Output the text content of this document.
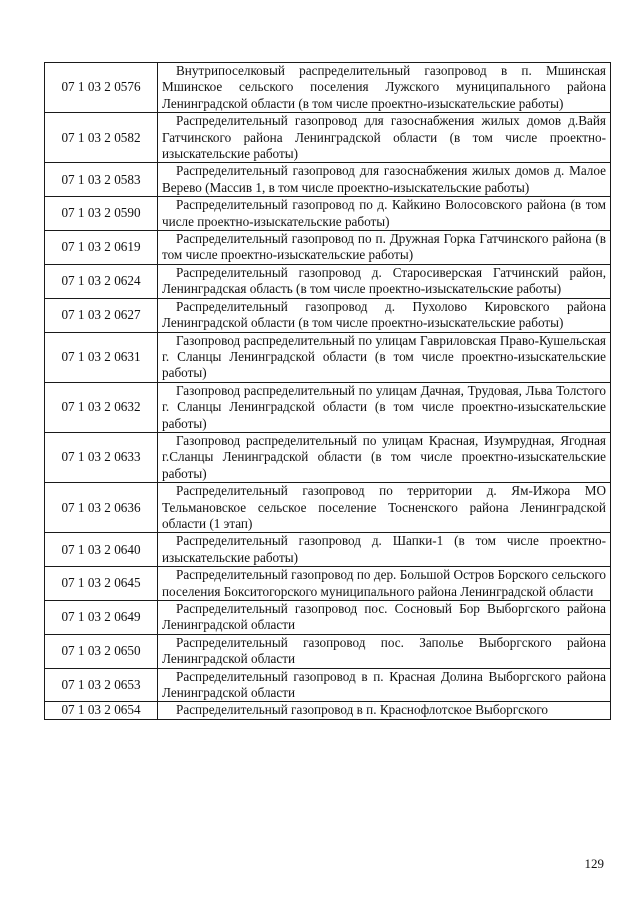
07 1 03 2 0576	Внутрипоселковый распределительный газопровод в п. Мшинская Мшинское сельского поселения Лужского муниципального района Ленинградской области (в том числе проектно-изыскательские работы)
07 1 03 2 0582	Распределительный газопровод для газоснабжения жилых домов д.Вайя Гатчинского района Ленинградской области (в том числе проектно-изыскательские работы)
07 1 03 2 0583	Распределительный газопровод для газоснабжения жилых домов д. Малое Верево (Массив 1, в том числе проектно-изыскательские работы)
07 1 03 2 0590	Распределительный газопровод по д. Кайкино Волосовского района (в том числе проектно-изыскательские работы)
07 1 03 2 0619	Распределительный газопровод по п. Дружная Горка Гатчинского района (в том числе проектно-изыскательские работы)
07 1 03 2 0624	Распределительный газопровод д. Старосиверская Гатчинский район, Ленинградская область (в том числе проектно-изыскательские работы)
07 1 03 2 0627	Распределительный газопровод д. Пухолово Кировского района Ленинградской области (в том числе проектно-изыскательские работы)
07 1 03 2 0631	Газопровод распределительный по улицам Гавриловская Право-Кушельская г. Сланцы Ленинградской области (в том числе проектно-изыскательские работы)
07 1 03 2 0632	Газопровод распределительный по улицам Дачная, Трудовая, Льва Толстого г. Сланцы Ленинградской области (в том числе проектно-изыскательские работы)
07 1 03 2 0633	Газопровод распределительный по улицам Красная, Изумрудная, Ягодная г.Сланцы Ленинградской области (в том числе проектно-изыскательские работы)
07 1 03 2 0636	Распределительный газопровод по территории д. Ям-Ижора МО Тельмановское сельское поселение Тосненского района Ленинградской области (1 этап)
07 1 03 2 0640	Распределительный газопровод д. Шапки-1 (в том числе проектно-изыскательские работы)
07 1 03 2 0645	Распределительный газопровод по дер. Большой Остров Борского сельского поселения Бокситогорского муниципального района Ленинградской области
07 1 03 2 0649	Распределительный газопровод пос. Сосновый Бор Выборгского района Ленинградской области
07 1 03 2 0650	Распределительный газопровод пос. Заполье Выборгского района Ленинградской области
07 1 03 2 0653	Распределительный газопровод в п. Красная Долина Выборгского района Ленинградской области
07 1 03 2 0654	Распределительный газопровод в п. Краснофлотское Выборгского
129
